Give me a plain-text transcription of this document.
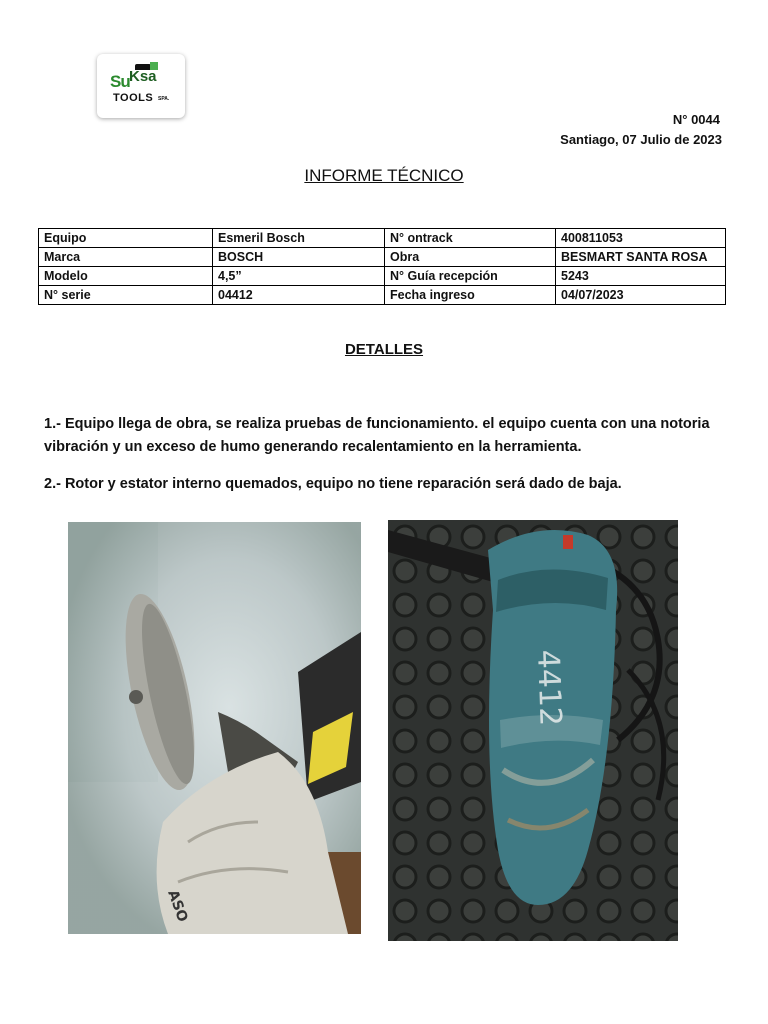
Su Ksa
TOOLS SPA.
N° 0044
Santiago, 07 Julio de 2023
INFORME TÉCNICO
Equipo	Esmeril Bosch	N° ontrack	400811053
Marca	BOSCH	Obra	BESMART SANTA ROSA
Modelo	4,5”	N° Guía recepción	5243
N° serie	04412	Fecha ingreso	04/07/2023
DETALLES
1.- Equipo llega de obra, se realiza pruebas de funcionamiento. el equipo cuenta con una notoria vibración y un exceso de humo generando recalentamiento en la herramienta.
2.- Rotor y estator interno quemados, equipo no tiene reparación será dado de baja.
ASO
4412
